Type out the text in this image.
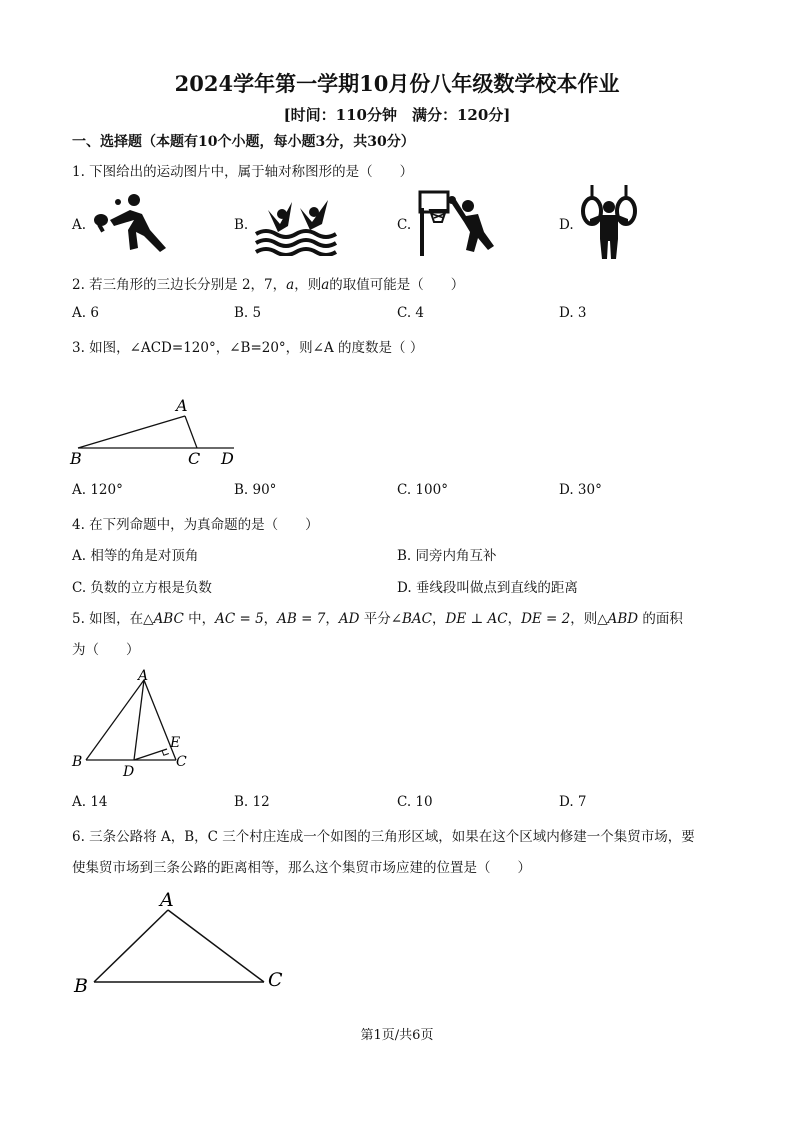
2024学年第一学期10月份八年级数学校本作业
[时间：110分钟　满分：120分]
一、选择题（本题有10个小题，每小题3分，共30分）
1. 下图给出的运动图片中，属于轴对称图形的是（　　）
A.	B.	C.	D.
2. 若三角形的三边长分别是 2，7，a，则a的取值可能是（　　）
A. 6	B. 5	C. 4	D. 3
3. 如图，∠ACD=120°，∠B=20°，则∠A 的度数是（ ）
A
B	C D
A. 120°	B. 90°	C. 100°	D. 30°
4. 在下列命题中，为真命题的是（　　）
A. 相等的角是对顶角	B. 同旁内角互补
C. 负数的立方根是负数	D. 垂线段叫做点到直线的距离
5. 如图，在△ABC 中，AC = 5，AB = 7，AD 平分∠BAC，DE ⊥ AC，DE = 2，则△ABD 的面积
为（　　）
A
B	C
D
E
A. 14	B. 12	C. 10	D. 7
6. 三条公路将 A，B，C 三个村庄连成一个如图的三角形区域，如果在这个区域内修建一个集贸市场，要
使集贸市场到三条公路的距离相等，那么这个集贸市场应建的位置是（　　）
A
B	C
第1页/共6页
